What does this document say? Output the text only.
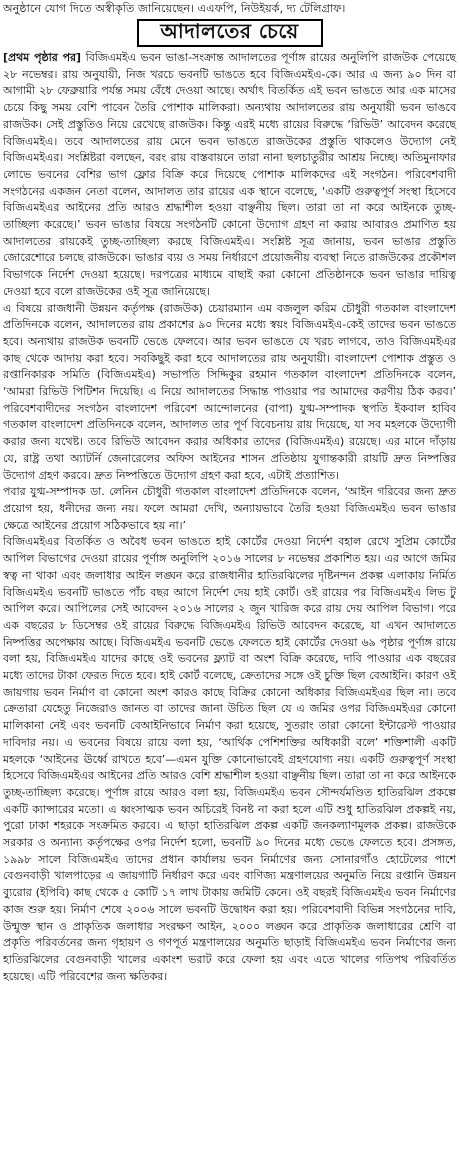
অনুষ্ঠানে যোগ দিতে অস্বীকৃতি জানিয়েছেন। এএফপি, নিউইয়র্ক, দ্য টেলিগ্রাফ।
আদালতের চেয়ে

[প্রথম পৃষ্ঠার পর] বিজিএমইএ ভবন ভাঙা-সংক্রান্ত আদালতের পূর্ণাঙ্গ রায়ের অনুলিপি রাজউক পেয়েছে ২৮ নভেম্বর। রায় অনুযায়ী, নিজ খরচে ভবনটি ভাঙতে হবে বিজিএমইএ-কে। আর এ জন্য ৯০ দিন বা আগামী ২৮ ফেব্রুয়ারি পর্যন্ত সময় বেঁধে দেওয়া আছে। অর্থাৎ বিতর্কিত এই ভবন ভাঙতে আর এক মাসের চেয়ে কিছু সময় বেশি পাবেন তৈরি পোশাক মালিকরা। অন্যথায় আদালতের রায় অনুযায়ী ভবন ভাঙবে রাজউক। সেই প্রস্তুতিও নিয়ে রেখেছে রাজউক। কিন্তু এরই মধ্যে রায়ের বিরুদ্ধে ‘রিভিউ’ আবেদন করেছে বিজিএমইএ। তবে আদালতের রায় মেনে ভবন ভাঙতে রাজউকের প্রস্তুতি থাকলেও উদ্যোগ নেই বিজিএমইএর। সংশ্লিষ্টরা বলছেন, বরং রায় বাস্তবায়নে তারা নানা ছলচাতুরীর আশ্রয় নিচ্ছে। অতিমুনাফার লোভে ভবনের বেশির ভাগ ফ্লোর বিক্রি করে দিয়েছে পোশাক মালিকদের এই সংগঠন। পরিবেশবাদী সংগঠনের একজন নেতা বলেন, আদালত তার রায়ের এক স্থানে বলেছে, ‘একটি গুরুত্বপূর্ণ সংস্থা হিসেবে বিজিএমইএর আইনের প্রতি আরও শ্রদ্ধাশীল হওয়া বাঞ্ছনীয় ছিল। তারা তা না করে আইনকে তুচ্ছ-তাচ্ছিল্য করেছে।’ ভবন ভাঙার বিষয়ে সংগঠনটি কোনো উদ্যোগ গ্রহণ না করায় আবারও প্রমাণিত হয় আদালতের রায়কেই তুচ্ছ-তাচ্ছিল্য করছে বিজিএমইএ। সংশ্লিষ্ট সূত্র জানায়, ভবন ভাঙার প্রস্তুতি জোরেশোরে চলছে রাজউকে। ভাঙার ব্যয় ও সময় নির্ধারণে প্রয়োজনীয় ব্যবস্থা নিতে রাজউকের প্রকৌশল বিভাগকে নির্দেশ দেওয়া হয়েছে। দরপত্রের মাধ্যমে বাছাই করা কোনো প্রতিষ্ঠানকে ভবন ভাঙার দায়িত্ব দেওয়া হবে বলে রাজউকের ওই সূত্র জানিয়েছে।

এ বিষয়ে রাজধানী উন্নয়ন কর্তৃপক্ষ (রাজউক) চেয়ারম্যান এম বজলুল করিম চৌধুরী গতকাল বাংলাদেশ প্রতিদিনকে বলেন, আদালতের রায় প্রকাশের ৯০ দিনের মধ্যে স্বয়ং বিজিএমইএ-কেই তাদের ভবন ভাঙতে হবে। অন্যথায় রাজউক ভবনটি ভেঙে ফেলবে। আর ভবন ভাঙতে যে খরচ লাগবে, তাও বিজিএমইএর কাছ থেকে আদায় করা হবে। সবকিছুই করা হবে আদালতের রায় অনুযায়ী। বাংলাদেশ পোশাক প্রস্তুত ও রপ্তানিকারক সমিতি (বিজিএমইএ) সভাপতি সিদ্দিকুর রহমান গতকাল বাংলাদেশ প্রতিদিনকে বলেন, ‘আমরা রিভিউ পিটিশন দিয়েছি। এ নিয়ে আদালতের সিদ্ধান্ত পাওয়ার পর আমাদের করণীয় ঠিক করব।’ পরিবেশবাদীদের সংগঠন বাংলাদেশ পরিবেশ আন্দোলনের (বাপা) যুগ্ম-সম্পাদক স্থপতি ইকবাল হাবিব গতকাল বাংলাদেশ প্রতিদিনকে বলেন, আদালত তার পূর্ণ বিবেচনায় রায় দিয়েছে, যা সব মহলকে উদ্যোগী করার জন্য যথেষ্ট। তবে রিভিউ আবেদন করার অধিকার তাদের (বিজিএমইএ) রয়েছে। এর মানে দাঁড়ায় যে, রাষ্ট্র তথা অ্যাটর্নি জেনারেলের অফিস আইনের শাসন প্রতিষ্ঠায় যুগান্তকারী রায়টি দ্রুত নিষ্পত্তির উদ্যোগ গ্রহণ করবে। দ্রুত নিষ্পত্তিতে উদ্যোগ গ্রহণ করা হবে, এটাই প্রত্যাশিত।

পবার যুগ্ম-সম্পাদক ডা. লেনিন চৌধুরী গতকাল বাংলাদেশ প্রতিদিনকে বলেন, ‘আইন গরিবের জন্য দ্রুত প্রয়োগ হয়, ধনীদের জন্য নয়। ফলে আমরা দেখি, অন্যায়ভাবে তৈরি হওয়া বিজিএমইএ ভবন ভাঙার ক্ষেত্রে আইনের প্রয়োগ সঠিকভাবে হয় না।’

বিজিএমইএর বিতর্কিত ও অবৈধ ভবন ভাঙতে হাই কোর্টের দেওয়া নির্দেশ বহাল রেখে সুপ্রিম কোর্টের আপিল বিভাগের দেওয়া রায়ের পূর্ণাঙ্গ অনুলিপি ২০১৬ সালের ৮ নভেম্বর প্রকাশিত হয়। এর আগে জমির স্বত্ব না থাকা এবং জলাধার আইন লঙ্ঘন করে রাজধানীর হাতিরঝিলের দৃষ্টিনন্দন প্রকল্প এলাকায় নির্মিত বিজিএমইএ ভবনটি ভাঙতে পাঁচ বছর আগে নির্দেশ দেয় হাই কোর্ট। ওই রায়ের পর বিজিএমইএ লিভ টু আপিল করে। আপিলের সেই আবেদন ২০১৬ সালের ২ জুন খারিজ করে রায় দেয় আপিল বিভাগ। পরে এক বছরের ৮ ডিসেম্বর ওই রায়ের বিরুদ্ধে বিজিএমইএ রিভিউ আবেদন করেছে, যা এখন আদালতে নিষ্পত্তির অপেক্ষায় আছে। বিজিএমইএ ভবনটি ভেঙে ফেলতে হাই কোর্টের দেওয়া ৬৯ পৃষ্ঠার পূর্ণাঙ্গ রায়ে বলা হয়, বিজিএমইএ যাদের কাছে ওই ভবনের ফ্ল্যাট বা অংশ বিক্রি করেছে, দাবি পাওয়ার এক বছরের মধ্যে তাদের টাকা ফেরত দিতে হবে। হাই কোর্ট বলেছে, ক্রেতাদের সঙ্গে ওই চুক্তি ছিল বেআইনি। কারণ ওই জায়গায় ভবন নির্মাণ বা কোনো অংশ কারও কাছে বিক্রির কোনো অধিকার বিজিএমইএর ছিল না। তবে ক্রেতারা যেহেতু নিজেরাও জানত বা তাদের জানা উচিত ছিল যে এ জমির ওপর বিজিএমইএর কোনো মালিকানা নেই এবং ভবনটি বেআইনিভাবে নির্মাণ করা হয়েছে, সুতরাং তারা কোনো ইন্টারেস্ট পাওয়ার দাবিদার নয়। এ ভবনের বিষয়ে রায়ে বলা হয়, ‘আর্থিক পেশিশক্তির অধিকারী বলে’ শক্তিশালী একটি মহলকে ‘আইনের ঊর্ধ্বে রাখতে হবে’—এমন যুক্তি কোনোভাবেই গ্রহণযোগ্য নয়। একটি গুরুত্বপূর্ণ সংস্থা হিসেবে বিজিএমইএর আইনের প্রতি আরও বেশি শ্রদ্ধাশীল হওয়া বাঞ্ছনীয় ছিল। তারা তা না করে আইনকে তুচ্ছ-তাচ্ছিল্য করেছে। পূর্ণাঙ্গ রায়ে আরও বলা হয়, বিজিএমইএ ভবন সৌন্দর্যমণ্ডিত হাতিরঝিল প্রকল্পে একটি ক্যান্সারের মতো। এ ধ্বংসাত্মক ভবন অচিরেই বিনষ্ট না করা হলে এটি শুধু হাতিরঝিল প্রকল্পই নয়, পুরো ঢাকা শহরকে সংক্রমিত করবে। এ ছাড়া হাতিরঝিল প্রকল্প একটি জনকল্যাণমূলক প্রকল্প। রাজউকে সরকার ও অন্যান্য কর্তৃপক্ষের ওপর নির্দেশ হলো, ভবনটি ৯০ দিনের মধ্যে ভেঙে ফেলতে হবে। প্রসঙ্গত, ১৯৯৮ সালে বিজিএমইএ তাদের প্রধান কার্যালয় ভবন নির্মাণের জন্য সোনারগাঁও হোটেলের পাশে বেগুনবাড়ী খালপাড়ের এ জায়গাটি নির্ধারণ করে এবং বাণিজ্য মন্ত্রণালয়ের অনুমতি নিয়ে রপ্তানি উন্নয়ন ব্যুরোর (ইপিবি) কাছ থেকে ৫ কোটি ১৭ লাখ টাকায় জমিটি কেনে। ওই বছরই বিজিএমইএ ভবন নির্মাণের কাজ শুরু হয়। নির্মাণ শেষে ২০০৬ সালে ভবনটি উদ্বোধন করা হয়। পরিবেশবাদী বিভিন্ন সংগঠনের দাবি, উন্মুক্ত স্থান ও প্রাকৃতিক জলাধার সংরক্ষণ আইন, ২০০০ লঙ্ঘন করে প্রাকৃতিক জলাধারের শ্রেণি বা প্রকৃতি পরিবর্তনের জন্য গৃহায়ণ ও গণপূর্ত মন্ত্রণালয়ের অনুমতি ছাড়াই বিজিএমইএ ভবন নির্মাণের জন্য হাতিরঝিলের বেগুনবাড়ী খালের একাংশ ভরাট করে ফেলা হয় এবং এতে খালের গতিপথ পরিবর্তিত হয়েছে। এটি পরিবেশের জন্য ক্ষতিকর।
